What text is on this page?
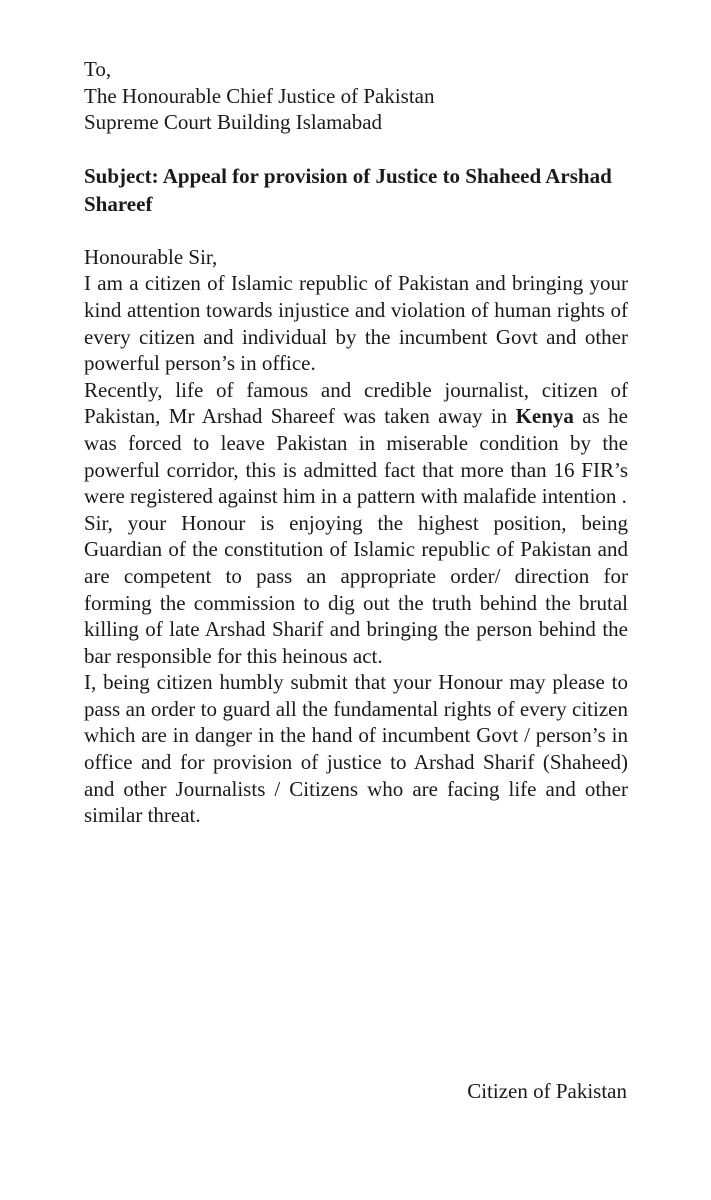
To,
The Honourable Chief Justice of Pakistan
Supreme Court Building Islamabad
Subject: Appeal for provision of Justice to Shaheed Arshad Shareef
Honourable Sir,

I am a citizen of Islamic republic of Pakistan and bringing your kind attention towards injustice and violation of human rights of every citizen and individual by the incumbent Govt and other powerful person’s in office.

Recently, life of famous and credible journalist, citizen of Pakistan, Mr Arshad Shareef was taken away in Kenya as he was forced to leave Pakistan in miserable condition by the powerful corridor, this is admitted fact that more than 16 FIR’s were registered against him in a pattern with malafide intention .

Sir, your Honour is enjoying the highest position, being Guardian of the constitution of Islamic republic of Pakistan and are competent to pass an appropriate order/ direction for forming the commission to dig out the truth behind the brutal killing of late Arshad Sharif and bringing the person behind the bar responsible for this heinous act.

I, being citizen humbly submit that your Honour may please to pass an order to guard all the fundamental rights of every citizen which are in danger in the hand of incumbent Govt / person’s in office and for provision of justice to Arshad Sharif (Shaheed) and other Journalists / Citizens who are facing life and other similar threat.

Citizen of Pakistan
